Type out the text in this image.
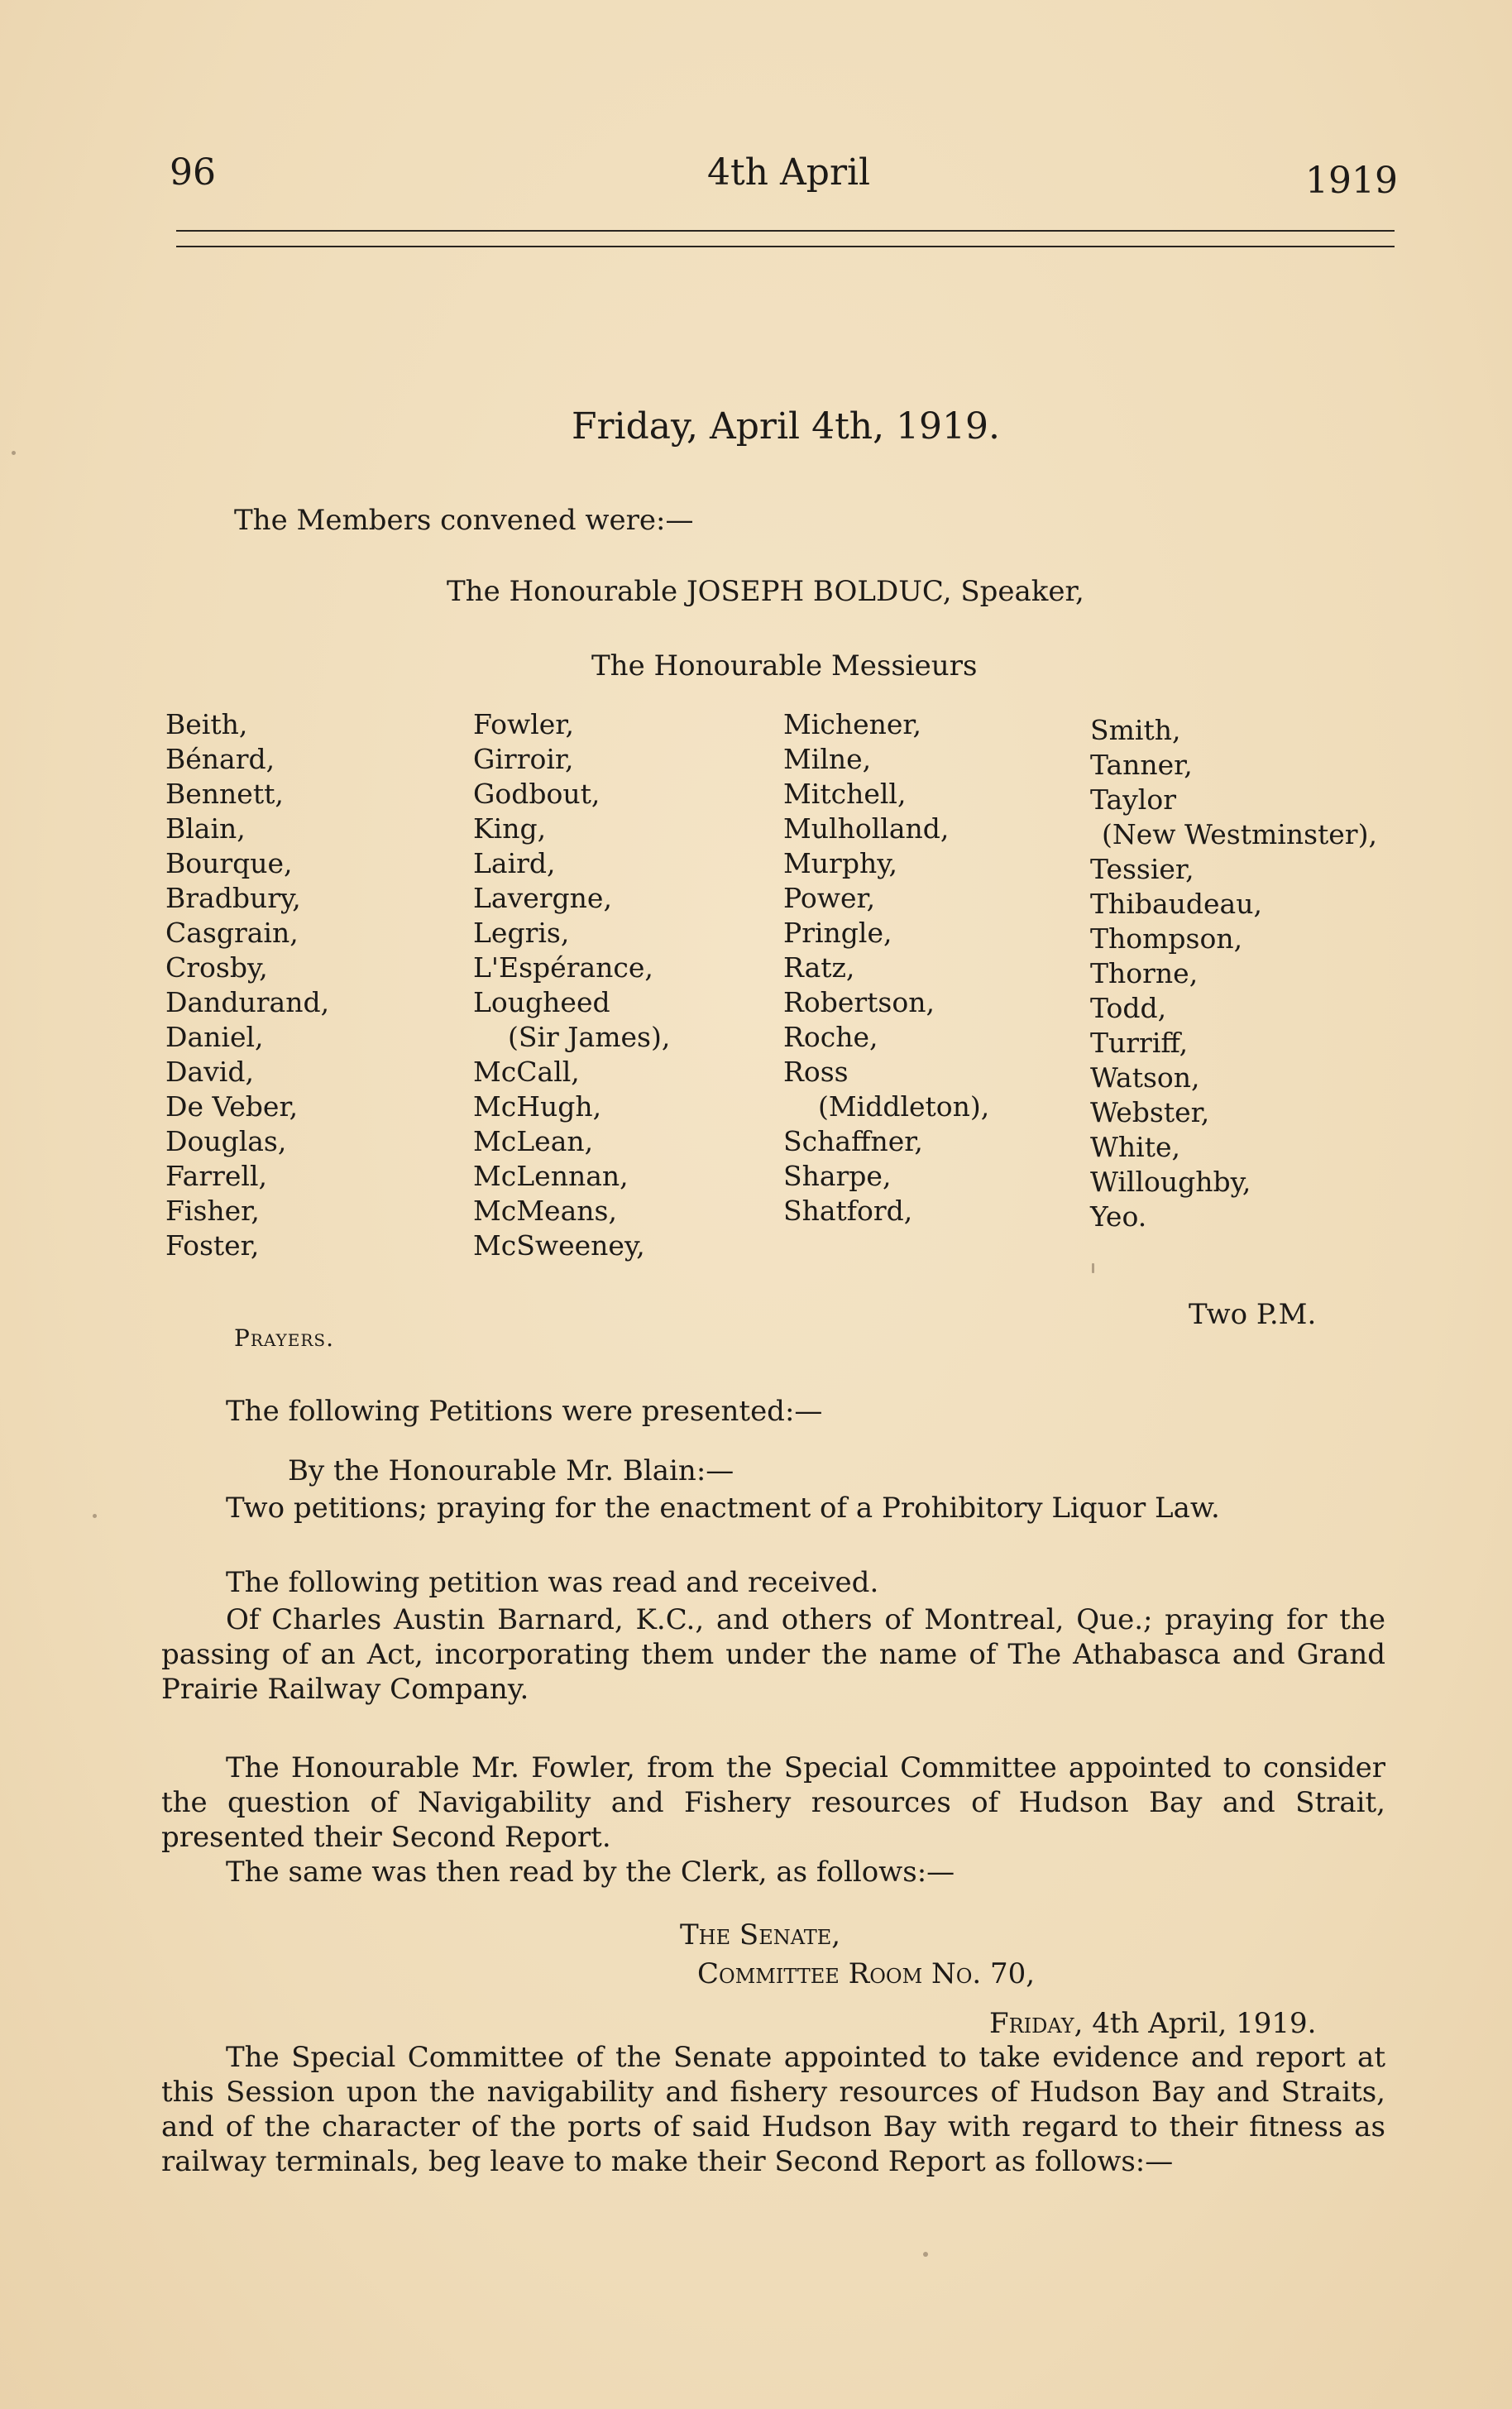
96	4th April	1919
Friday, April 4th, 1919.
The Members convened were:—
The Honourable JOSEPH BOLDUC, Speaker,
The Honourable Messieurs
Beith,
Bénard,
Bennett,
Blain,
Bourque,
Bradbury,
Casgrain,
Crosby,
Dandurand,
Daniel,
David,
De Veber,
Douglas,
Farrell,
Fisher,
Foster,
Fowler,
Girroir,
Godbout,
King,
Laird,
Lavergne,
Legris,
L'Espérance,
Lougheed
(Sir James),
McCall,
McHugh,
McLean,
McLennan,
McMeans,
McSweeney,
Michener,
Milne,
Mitchell,
Mulholland,
Murphy,
Power,
Pringle,
Ratz,
Robertson,
Roche,
Ross
(Middleton),
Schaffner,
Sharpe,
Shatford,
Smith,
Tanner,
Taylor
(New Westminster),
Tessier,
Thibaudeau,
Thompson,
Thorne,
Todd,
Turriff,
Watson,
Webster,
White,
Willoughby,
Yeo.
Two P.M.
Prayers.
The following Petitions were presented:—
By the Honourable Mr. Blain:—
Two petitions; praying for the enactment of a Prohibitory Liquor Law.
The following petition was read and received.
Of Charles Austin Barnard, K.C., and others of Montreal, Que.; praying for the passing of an Act, incorporating them under the name of The Athabasca and Grand Prairie Railway Company.
The Honourable Mr. Fowler, from the Special Committee appointed to consider the question of Navigability and Fishery resources of Hudson Bay and Strait, presented their Second Report.
The same was then read by the Clerk, as follows:—
The Senate,
Committee Room No. 70,
Friday, 4th April, 1919.
The Special Committee of the Senate appointed to take evidence and report at this Session upon the navigability and fishery resources of Hudson Bay and Straits, and of the character of the ports of said Hudson Bay with regard to their fitness as railway terminals, beg leave to make their Second Report as follows:—
